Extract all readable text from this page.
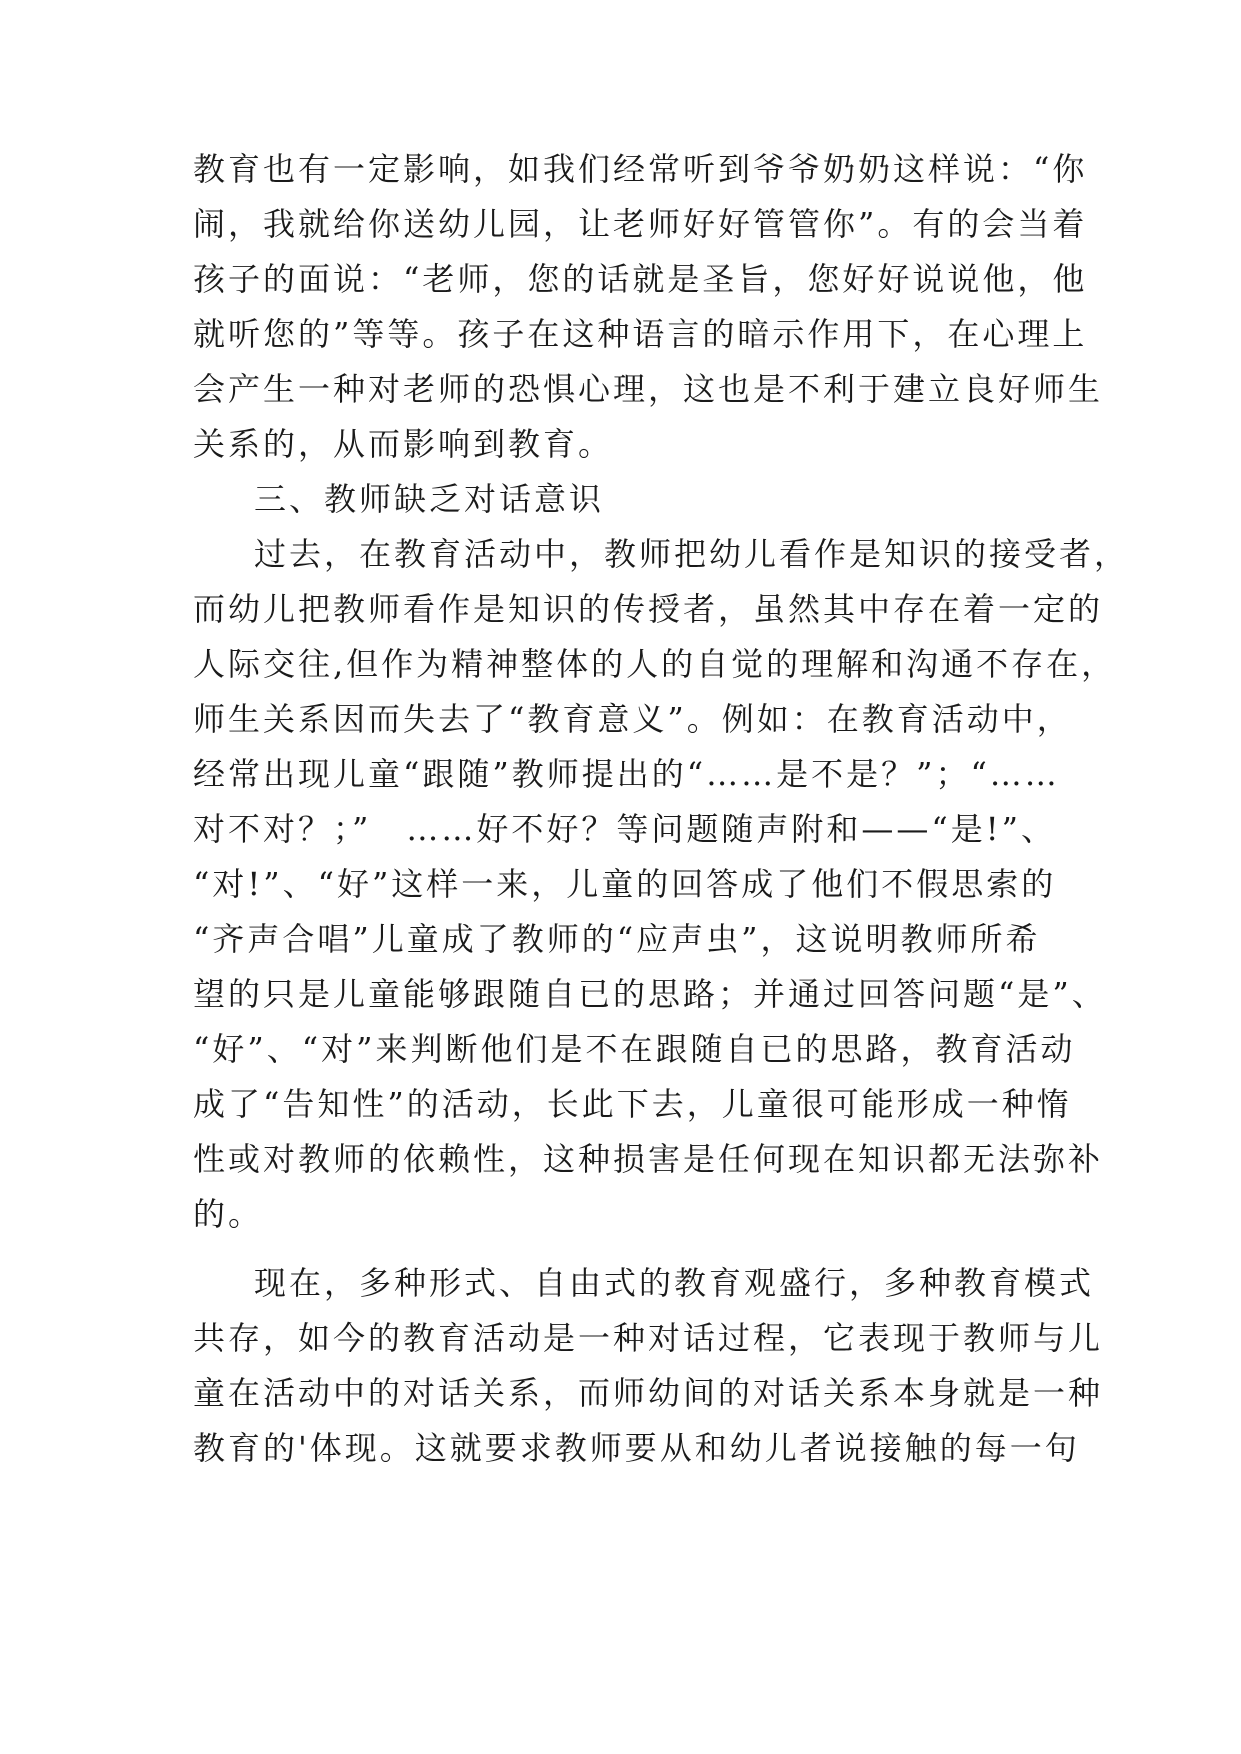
教育也有一定影响，如我们经常听到爷爷奶奶这样说：“你
闹，我就给你送幼儿园，让老师好好管管你”。有的会当着
孩子的面说：“老师，您的话就是圣旨，您好好说说他，他
就听您的”等等。孩子在这种语言的暗示作用下，在心理上
会产生一种对老师的恐惧心理，这也是不利于建立良好师生
关系的，从而影响到教育。
三、教师缺乏对话意识
过去，在教育活动中，教师把幼儿看作是知识的接受者，
而幼儿把教师看作是知识的传授者，虽然其中存在着一定的
人际交往,但作为精神整体的人的自觉的理解和沟通不存在，
师生关系因而失去了“教育意义”。例如：在教育活动中，
经常出现儿童“跟随”教师提出的“……是不是？”；“……
对不对？；”　……好不好？等问题随声附和——“是!”、
“对!”、“好”这样一来，儿童的回答成了他们不假思索的
“齐声合唱”儿童成了教师的“应声虫”，这说明教师所希
望的只是儿童能够跟随自已的思路；并通过回答问题“是”、
“好”、“对”来判断他们是不在跟随自已的思路，教育活动
成了“告知性”的活动，长此下去，儿童很可能形成一种惰
性或对教师的依赖性，这种损害是任何现在知识都无法弥补
的。
现在，多种形式、自由式的教育观盛行，多种教育模式
共存，如今的教育活动是一种对话过程，它表现于教师与儿
童在活动中的对话关系，而师幼间的对话关系本身就是一种
教育的'体现。这就要求教师要从和幼儿者说接触的每一句
